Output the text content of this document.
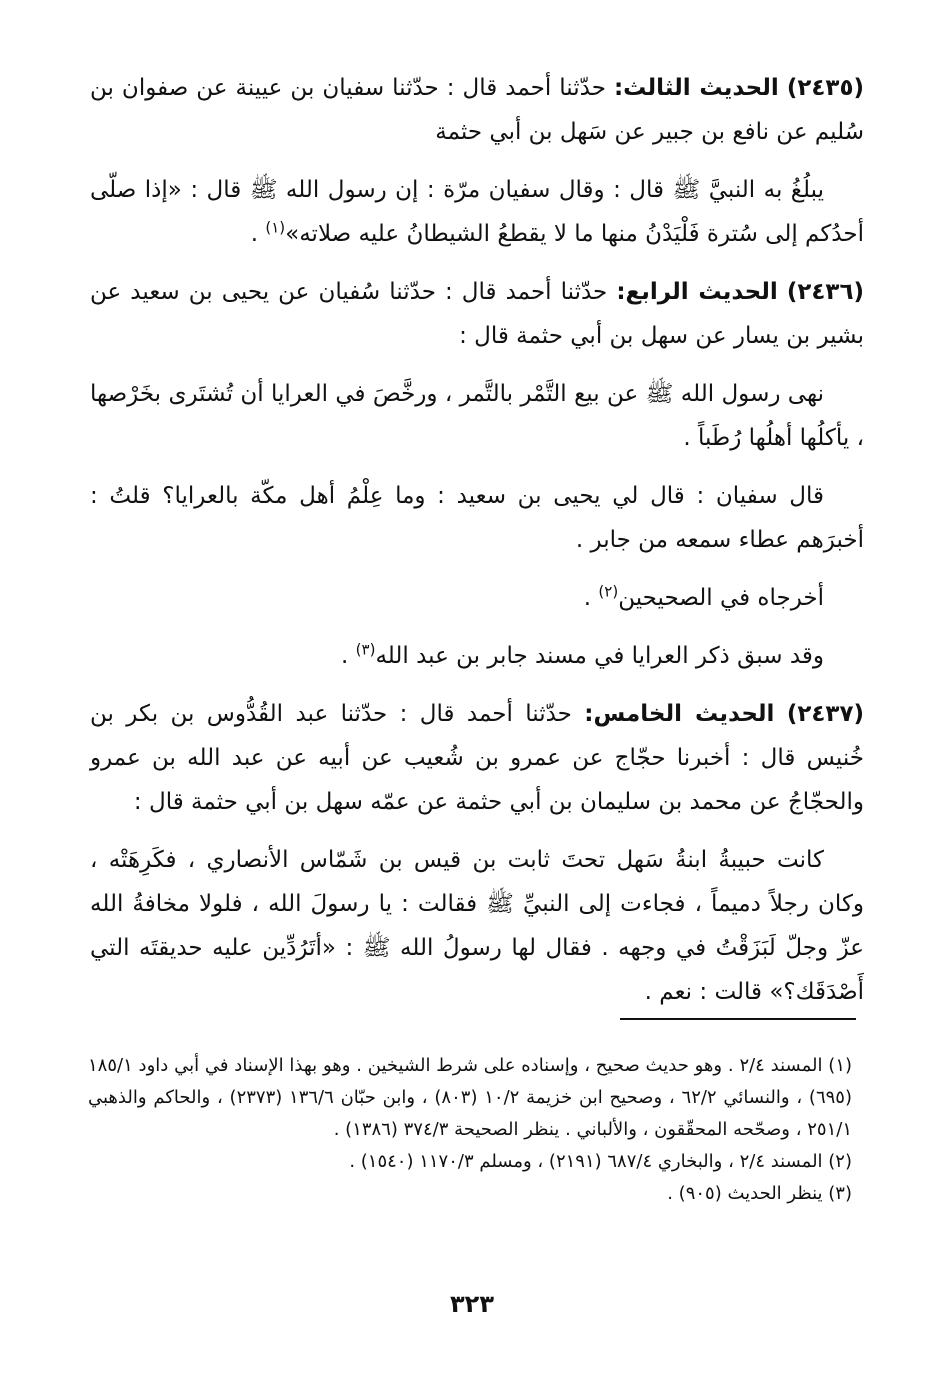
(٢٤٣٥) الحديث الثالث: حدّثنا أحمد قال : حدّثنا سفيان بن عيينة عن صفوان بن سُليم عن نافع بن جبير عن سَهل بن أبي حثمة

يبلُغُ به النبيَّ ﷺ قال : وقال سفيان مرّة : إن رسول الله ﷺ قال : «إذا صلّى أحدُكم إلى سُترة فَلْيَدْنُ منها ما لا يقطعُ الشيطانُ عليه صلاته»$^{(١)}$ .

(٢٤٣٦) الحديث الرابع: حدّثنا أحمد قال : حدّثنا سُفيان عن يحيى بن سعيد عن بشير بن يسار عن سهل بن أبي حثمة قال :

نهى رسول الله ﷺ عن بيع التَّمْر بالتَّمر ، ورخَّصَ في العرايا أن تُشتَرى بخَرْصها ، يأكلُها أهلُها رُطَباً .

قال سفيان : قال لي يحيى بن سعيد : وما عِلْمُ أهل مكّة بالعرايا؟ قلتُ : أخبرَهم عطاء سمعه من جابر .

أخرجاه في الصحيحين$^{(٢)}$ .

وقد سبق ذكر العرايا في مسند جابر بن عبد الله$^{(٣)}$ .

(٢٤٣٧) الحديث الخامس: حدّثنا أحمد قال : حدّثنا عبد القُدُّوس بن بكر بن خُنيس قال : أخبرنا حجّاج عن عمرو بن شُعيب عن أبيه عن عبد الله بن عمرو والحجّاجُ عن محمد بن سليمان بن أبي حثمة عن عمّه سهل بن أبي حثمة قال :

كانت حبيبةُ ابنةُ سَهل تحتَ ثابت بن قيس بن شَمّاس الأنصاري ، فكَرِهَتْه ، وكان رجلاً دميماً ، فجاءت إلى النبيِّ ﷺ فقالت : يا رسولَ الله ، فلولا مخافةُ الله عزّ وجلّ لَبَزَقْتُ في وجهه . فقال لها رسولُ الله ﷺ : «أتَرُدِّين عليه حديقتَه التي أَصْدَقَك؟» قالت : نعم .

(١) المسند ٢/٤ . وهو حديث صحيح ، وإسناده على شرط الشيخين . وهو بهذا الإسناد في أبي داود ١٨٥/١ (٦٩٥) ، والنسائي ٦٢/٢ ، وصحيح ابن خزيمة ١٠/٢ (٨٠٣) ، وابن حبّان ١٣٦/٦ (٢٣٧٣) ، والحاكم والذهبي ٢٥١/١ ، وصحّحه المحقّقون ، والألباني . ينظر الصحيحة ٣٧٤/٣ (١٣٨٦) .

(٢) المسند ٢/٤ ، والبخاري ٦٨٧/٤ (٢١٩١) ، ومسلم ١١٧٠/٣ (١٥٤٠) .

(٣) ينظر الحديث (٩٠٥) .

٣٢٣
